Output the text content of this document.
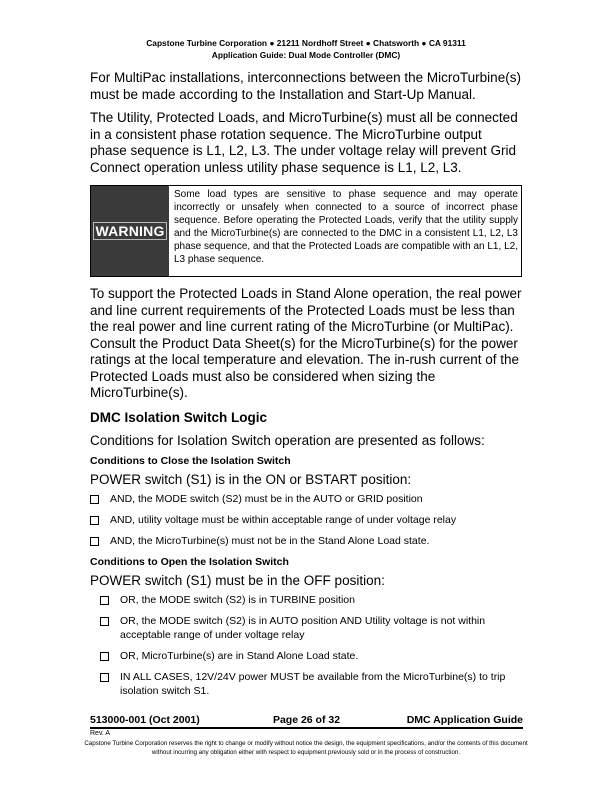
Capstone Turbine Corporation ● 21211 Nordhoff Street ● Chatsworth ● CA 91311
Application Guide: Dual Mode Controller (DMC)

For MultiPac installations, interconnections between the MicroTurbine(s) must be made according to the Installation and Start-Up Manual.

The Utility, Protected Loads, and MicroTurbine(s) must all be connected in a consistent phase rotation sequence. The MicroTurbine output phase sequence is L1, L2, L3. The under voltage relay will prevent Grid Connect operation unless utility phase sequence is L1, L2, L3.

WARNING
Some load types are sensitive to phase sequence and may operate incorrectly or unsafely when connected to a source of incorrect phase sequence. Before operating the Protected Loads, verify that the utility supply and the MicroTurbine(s) are connected to the DMC in a consistent L1, L2, L3 phase sequence, and that the Protected Loads are compatible with an L1, L2, L3 phase sequence.

To support the Protected Loads in Stand Alone operation, the real power and line current requirements of the Protected Loads must be less than the real power and line current rating of the MicroTurbine (or MultiPac). Consult the Product Data Sheet(s) for the MicroTurbine(s) for the power ratings at the local temperature and elevation. The in-rush current of the Protected Loads must also be considered when sizing the MicroTurbine(s).

DMC Isolation Switch Logic

Conditions for Isolation Switch operation are presented as follows:

Conditions to Close the Isolation Switch

POWER switch (S1) is in the ON or BSTART position:

AND, the MODE switch (S2) must be in the AUTO or GRID position
AND, utility voltage must be within acceptable range of under voltage relay
AND, the MicroTurbine(s) must not be in the Stand Alone Load state.
Conditions to Open the Isolation Switch

POWER switch (S1) must be in the OFF position:

OR, the MODE switch (S2) is in TURBINE position
OR, the MODE switch (S2) is in AUTO position AND Utility voltage is not within acceptable range of under voltage relay
OR, MicroTurbine(s) are in Stand Alone Load state.
IN ALL CASES, 12V/24V power MUST be available from the MicroTurbine(s) to trip isolation switch S1.
513000-001 (Oct 2001)	Page 26 of 32	DMC Application Guide
Rev. A
Capstone Turbine Corporation reserves the right to change or modify without notice the design, the equipment specifications, and/or the contents of this document without incurring any obligation either with respect to equipment previously sold or in the process of construction.
